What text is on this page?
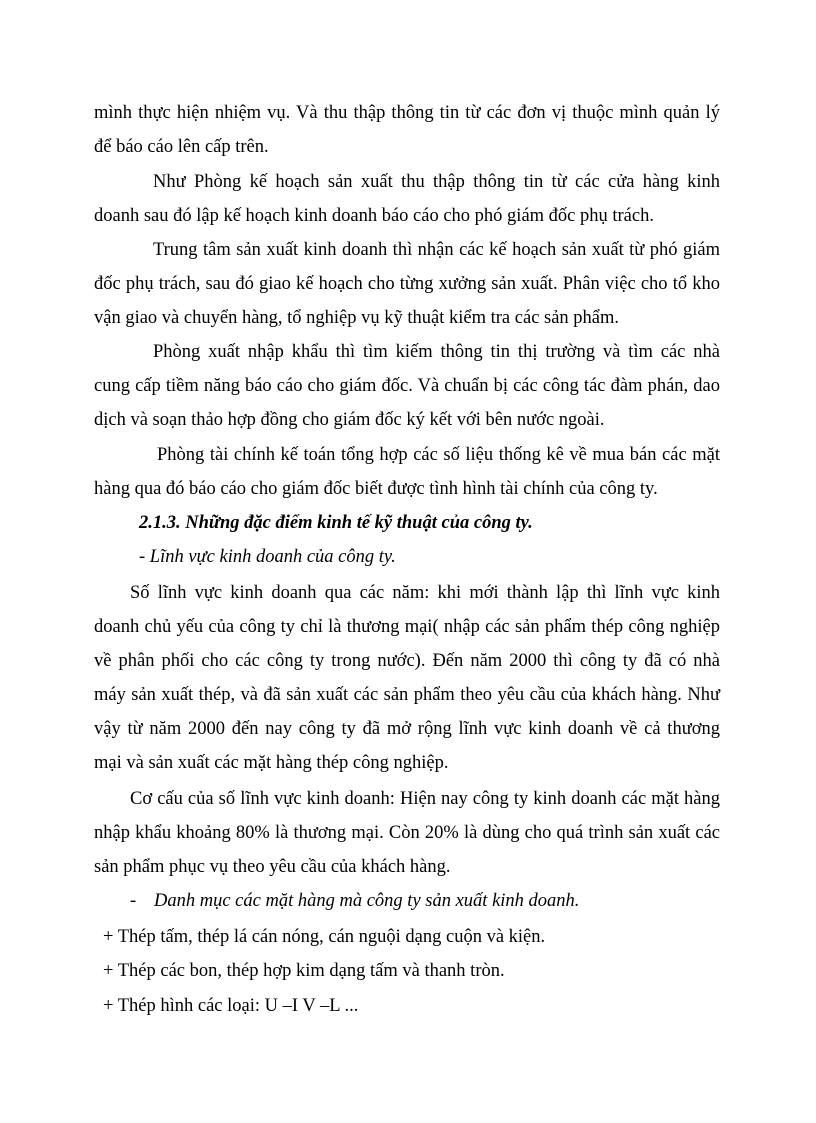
mình thực hiện nhiệm vụ. Và thu thập thông tin từ các đơn vị thuộc mình quản lý
để báo cáo lên cấp trên.
Như Phòng kế hoạch sản xuất thu thập thông tin từ các cửa hàng kinh
doanh sau đó lập kế hoạch kinh doanh báo cáo cho phó giám đốc phụ trách.
Trung tâm sản xuất kinh doanh thì nhận các kế hoạch sản xuất từ phó giám
đốc phụ trách, sau đó giao kế hoạch cho từng xưởng sản xuất. Phân việc cho tổ kho
vận giao và chuyển hàng, tổ nghiệp vụ kỹ thuật kiểm tra các sản phẩm.
Phòng xuất nhập khẩu thì tìm kiếm thông tin thị trường và tìm các nhà
cung cấp tiềm năng báo cáo cho giám đốc. Và chuẩn bị các công tác đàm phán, dao
dịch và soạn thảo hợp đồng cho giám đốc ký kết với bên nước ngoài.
Phòng tài chính kế toán tổng hợp các số liệu thống kê về mua bán các mặt
hàng qua đó báo cáo cho giám đốc biết được tình hình tài chính của công ty.
2.1.3. Những đặc điểm kinh tế kỹ thuật của công ty.
- Lĩnh vực kinh doanh của công ty.
Số lĩnh vực kinh doanh qua các năm: khi mới thành lập thì lĩnh vực kinh
doanh chủ yếu của công ty chỉ là thương mại( nhập các sản phẩm thép công nghiệp
về phân phối cho các công ty trong nước). Đến năm 2000 thì công ty đã có nhà
máy sản xuất thép, và đã sản xuất các sản phẩm theo yêu cầu của khách hàng. Như
vậy từ năm 2000 đến nay công ty đã mở rộng lĩnh vực kinh doanh về cả thương
mại và sản xuất các mặt hàng thép công nghiệp.
Cơ cấu của số lĩnh vực kinh doanh: Hiện nay công ty kinh doanh các mặt hàng
nhập khẩu khoảng 80% là thương mại. Còn 20% là dùng cho quá trình sản xuất các
sản phẩm phục vụ theo yêu cầu của khách hàng.
- Danh mục các mặt hàng mà công ty sản xuất kinh doanh.
+ Thép tấm, thép lá cán nóng, cán nguội dạng cuộn và kiện.
+ Thép các bon, thép hợp kim dạng tấm và thanh tròn.
+ Thép hình các loại: U –I V –L ...
